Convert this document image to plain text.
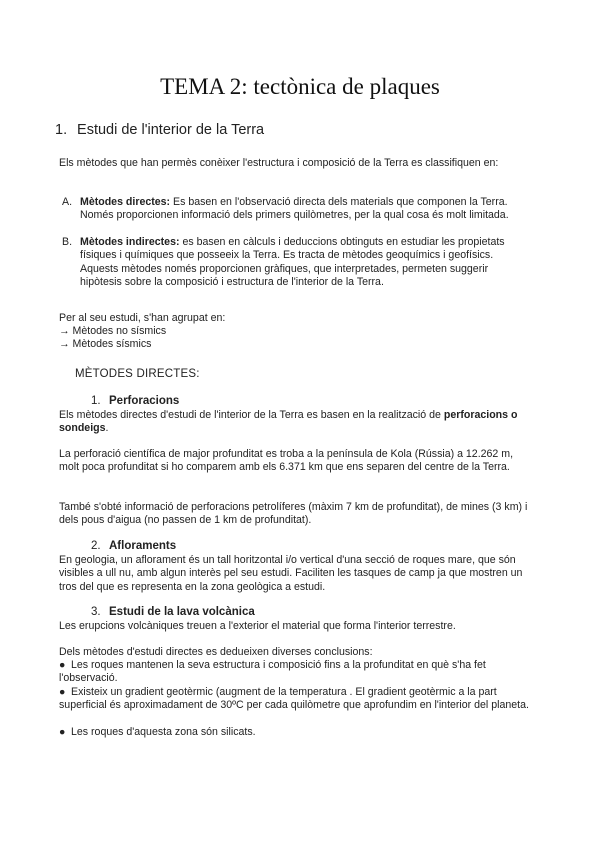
TEMA 2: tectònica de plaques
1. Estudi de l'interior de la Terra

Els mètodes que han permès conèixer l'estructura i composició de la Terra es classifiquen en:

A. Mètodes directes: Es basen en l'observació directa dels materials que componen la Terra. Només proporcionen informació dels primers quilòmetres, per la qual cosa és molt limitada.
B. Mètodes indirectes: es basen en càlculs i deduccions obtinguts en estudiar les propietats físiques i químiques que posseeix la Terra. Es tracta de mètodes geoquímics i geofísics. Aquests mètodes només proporcionen gràfiques, que interpretades, permeten suggerir hipòtesis sobre la composició i estructura de l'interior de la Terra.

Per al seu estudi, s'han agrupat en:

→ Mètodes no sísmics

→ Mètodes sísmics

MÈTODES DIRECTES:
1. Perforacions

Els mètodes directes d'estudi de l'interior de la Terra es basen en la realització de perforacions o sondeigs.

La perforació científica de major profunditat es troba a la península de Kola (Rússia) a 12.262 m, molt poca profunditat si ho comparem amb els 6.371 km que ens separen del centre de la Terra.

També s'obté informació de perforacions petrolíferes (màxim 7 km de profunditat), de mines (3 km) i dels pous d'aigua (no passen de 1 km de profunditat).

2. Afloraments

En geologia, un aflorament és un tall horitzontal i/o vertical d'una secció de roques mare, que són visibles a ull nu, amb algun interès pel seu estudi. Faciliten les tasques de camp ja que mostren un tros del que es representa en la zona geològica a estudi.

3. Estudi de la lava volcànica

Les erupcions volcàniques treuen a l'exterior el material que forma l'interior terrestre.

Dels mètodes d'estudi directes es dedueixen diverses conclusions:

● Les roques mantenen la seva estructura i composició fins a la profunditat en què s'ha fet l'observació.
● Existeix un gradient geotèrmic (augment de la temperatura . El gradient geotèrmic a la part superficial és aproximadament de 30ºC per cada quilòmetre que aprofundim en l'interior del planeta.
● Les roques d'aquesta zona són silicats.
